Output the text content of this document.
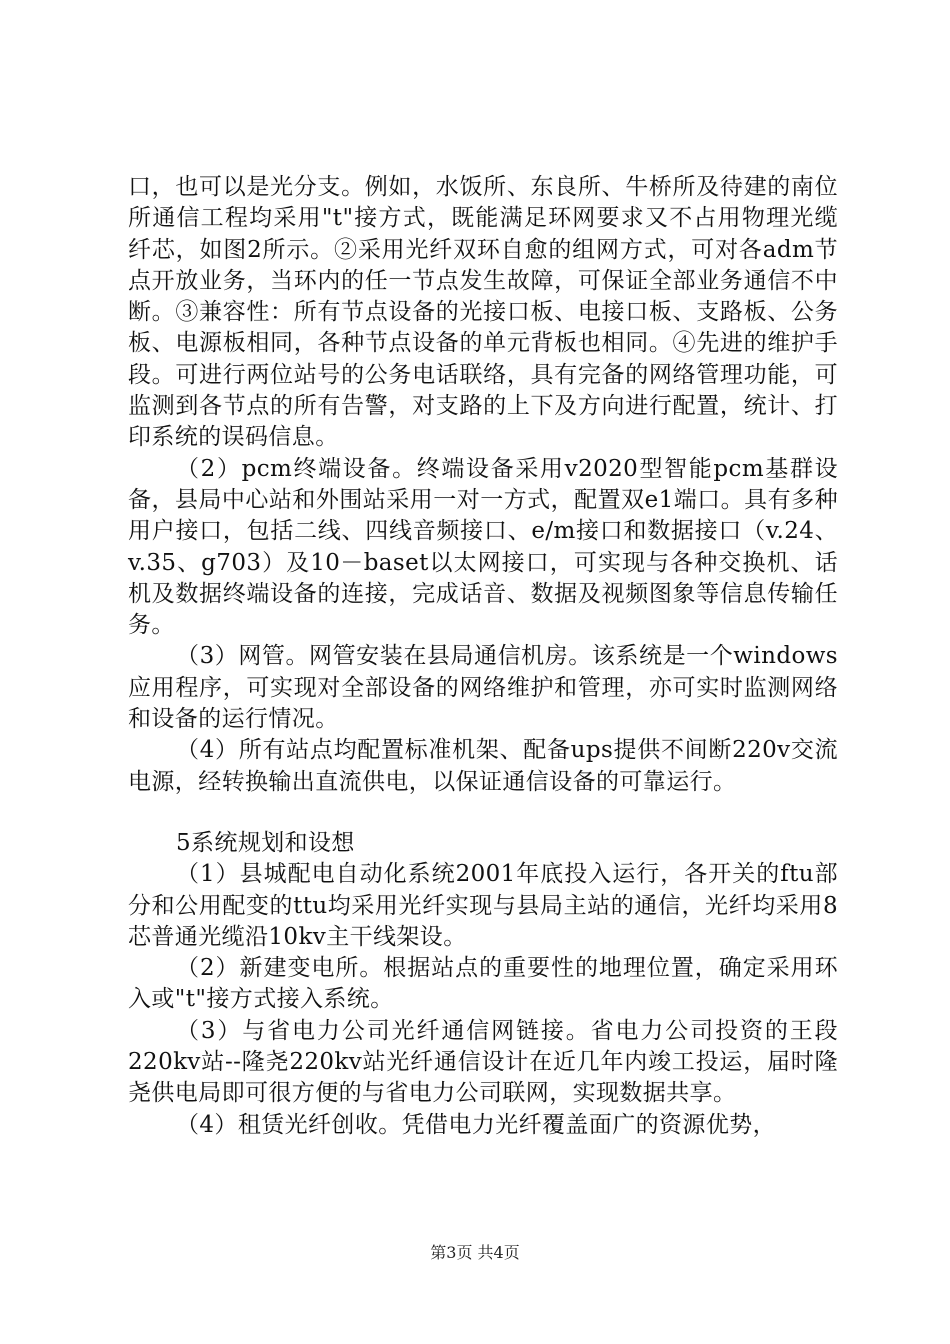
口，也可以是光分支。例如，水饭所、东良所、牛桥所及待建的南位所通信工程均采用"t"接方式，既能满足环网要求又不占用物理光缆纤芯，如图2所示。②采用光纤双环自愈的组网方式，可对各adm节点开放业务，当环内的任一节点发生故障，可保证全部业务通信不中断。③兼容性：所有节点设备的光接口板、电接口板、支路板、公务板、电源板相同，各种节点设备的单元背板也相同。④先进的维护手段。可进行两位站号的公务电话联络，具有完备的网络管理功能，可监测到各节点的所有告警，对支路的上下及方向进行配置，统计、打印系统的误码信息。

（2）pcm终端设备。终端设备采用v2020型智能pcm基群设备，县局中心站和外围站采用一对一方式，配置双e1端口。具有多种用户接口，包括二线、四线音频接口、e/m接口和数据接口（v.24、v.35、g703）及10－baset以太网接口，可实现与各种交换机、话机及数据终端设备的连接，完成话音、数据及视频图象等信息传输任务。

（3）网管。网管安装在县局通信机房。该系统是一个windows应用程序，可实现对全部设备的网络维护和管理，亦可实时监测网络和设备的运行情况。

（4）所有站点均配置标准机架、配备ups提供不间断220v交流电源，经转换输出直流供电，以保证通信设备的可靠运行。

5系统规划和设想

（1）县城配电自动化系统2001年底投入运行，各开关的ftu部分和公用配变的ttu均采用光纤实现与县局主站的通信，光纤均采用8芯普通光缆沿10kv主干线架设。

（2）新建变电所。根据站点的重要性的地理位置，确定采用环入或"t"接方式接入系统。

（3）与省电力公司光纤通信网链接。省电力公司投资的王段220kv站--隆尧220kv站光纤通信设计在近几年内竣工投运，届时隆尧供电局即可很方便的与省电力公司联网，实现数据共享。

（4）租赁光纤创收。凭借电力光纤覆盖面广的资源优势，

第3页 共4页
